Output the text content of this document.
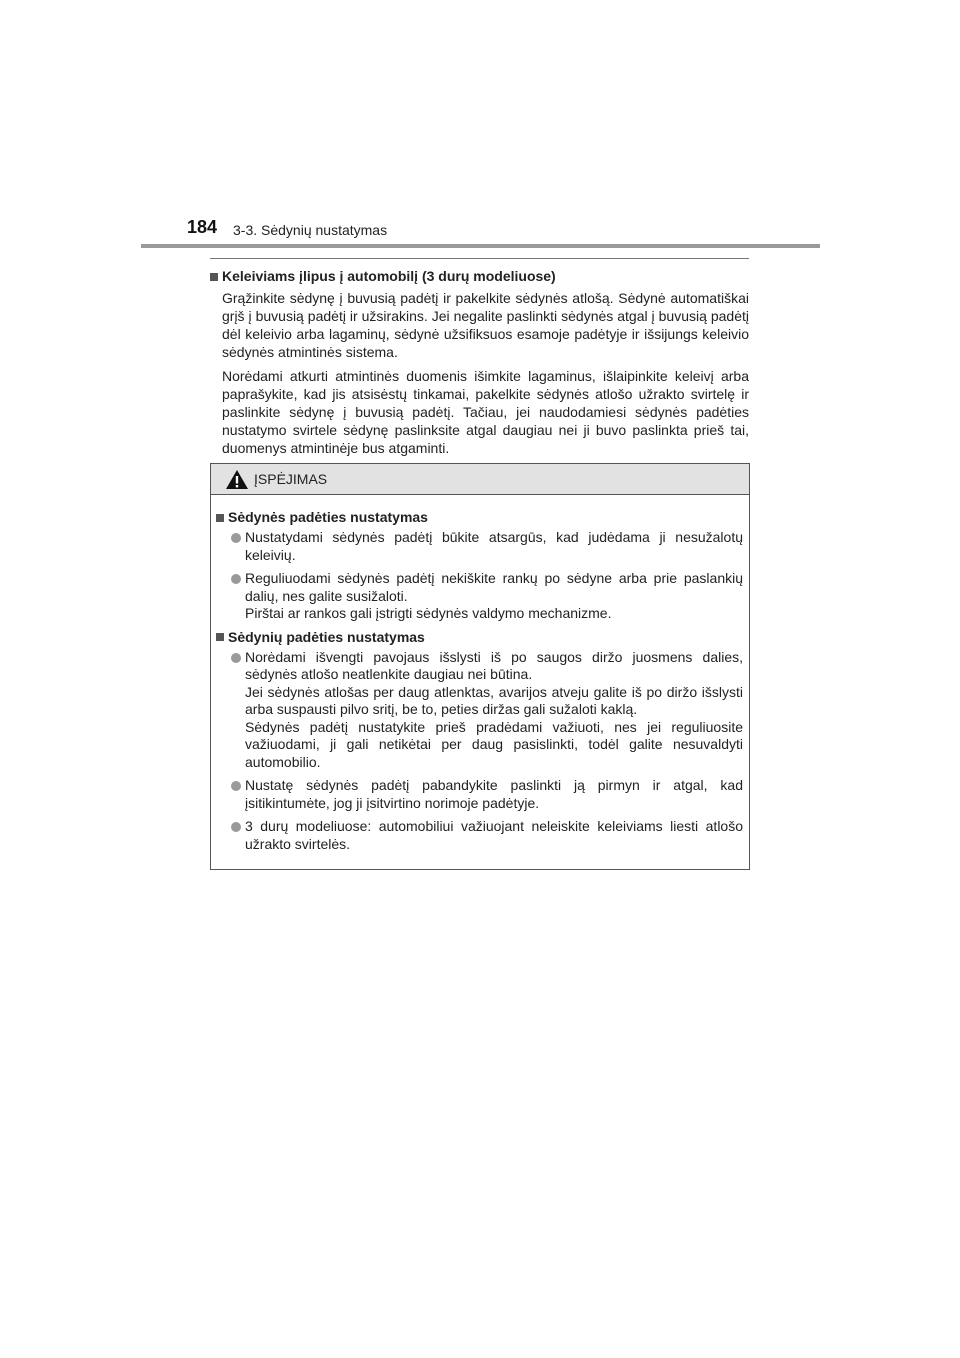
184 3-3. Sėdynių nustatymas
Keleiviams įlipus į automobilį (3 durų modeliuose)

Grąžinkite sėdynę į buvusią padėtį ir pakelkite sėdynės atlošą. Sėdynė automatiškai grįš į buvusią padėtį ir užsirakins. Jei negalite paslinkti sėdynės atgal į buvusią padėtį dėl keleivio arba lagaminų, sėdynė užsifiksuos esamoje padėtyje ir išsijungs keleivio sėdynės atmintinės sistema.

Norėdami atkurti atmintinės duomenis išimkite lagaminus, išlaipinkite keleivį arba paprašykite, kad jis atsisėstų tinkamai, pakelkite sėdynės atlošo užrakto svirtelę ir paslinkite sėdynę į buvusią padėtį. Tačiau, jei naudodamiesi sėdynės padėties nustatymo svirtele sėdynę paslinksite atgal daugiau nei ji buvo paslinkta prieš tai, duomenys atmintinėje bus atgaminti.

ĮSPĖJIMAS
Sėdynės padėties nustatymas
Nustatydami sėdynės padėtį būkite atsargūs, kad judėdama ji nesužalotų keleivių.
Reguliuodami sėdynės padėtį nekiškite rankų po sėdyne arba prie paslankių dalių, nes galite susižaloti.
Pirštai ar rankos gali įstrigti sėdynės valdymo mechanizme.
Sėdynių padėties nustatymas
Norėdami išvengti pavojaus išslysti iš po saugos diržo juosmens dalies, sėdynės atlošo neatlenkite daugiau nei būtina.
Jei sėdynės atlošas per daug atlenktas, avarijos atveju galite iš po diržo išslysti arba suspausti pilvo sritį, be to, peties diržas gali sužaloti kaklą.
Sėdynės padėtį nustatykite prieš pradėdami važiuoti, nes jei reguliuosite važiuodami, ji gali netikėtai per daug pasislinkti, todėl galite nesuvaldyti automobilio.
Nustatę sėdynės padėtį pabandykite paslinkti ją pirmyn ir atgal, kad įsitikintumėte, jog ji įsitvirtino norimoje padėtyje.
3 durų modeliuose: automobiliui važiuojant neleiskite keleiviams liesti atlošo užrakto svirtelės.
